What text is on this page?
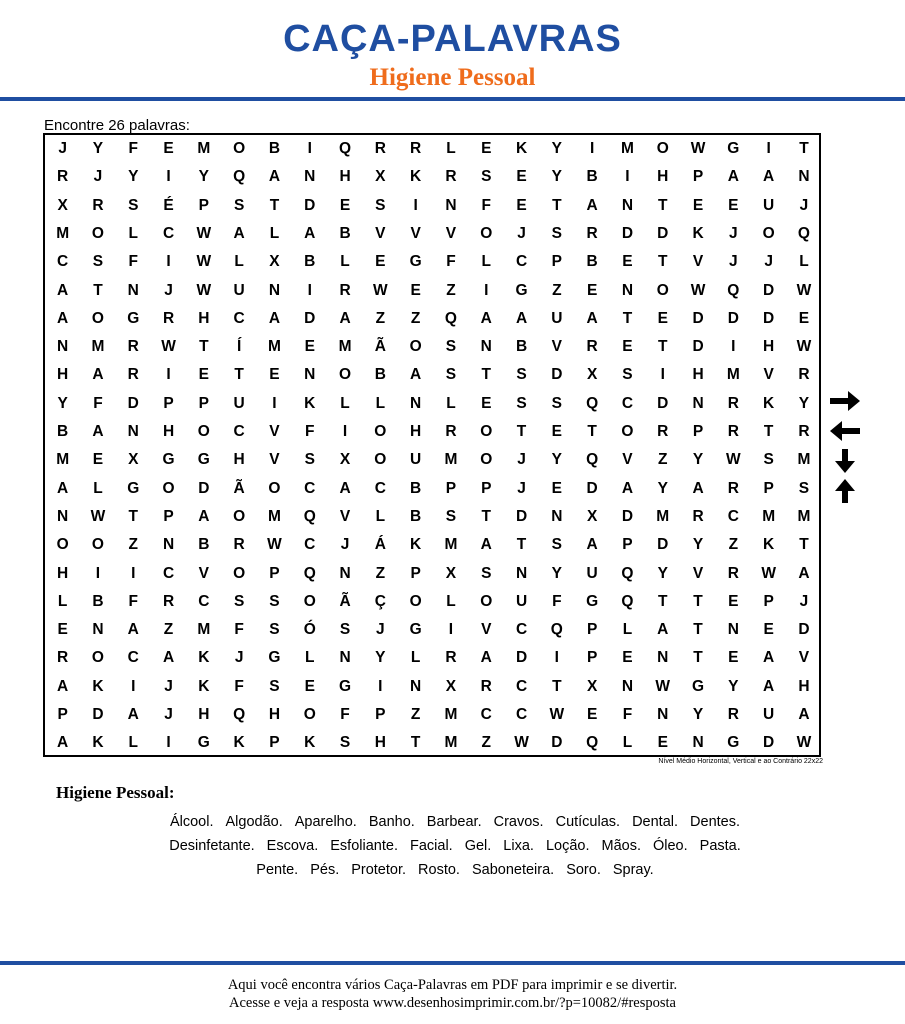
CAÇA-PALAVRAS
Higiene Pessoal
Encontre 26 palavras:
J	Y	F	E	M	O	B	I	Q	R	R	L	E	K	Y	I	M	O	W	G	I	T
R	J	Y	I	Y	Q	A	N	H	X	K	R	S	E	Y	B	I	H	P	A	A	N
X	R	S	É	P	S	T	D	E	S	I	N	F	E	T	A	N	T	E	E	U	J
M	O	L	C	W	A	L	A	B	V	V	V	O	J	S	R	D	D	K	J	O	Q
C	S	F	I	W	L	X	B	L	E	G	F	L	C	P	B	E	T	V	J	J	L
A	T	N	J	W	U	N	I	R	W	E	Z	I	G	Z	E	N	O	W	Q	D	W
A	O	G	R	H	C	A	D	A	Z	Z	Q	A	A	U	A	T	E	D	D	D	E
N	M	R	W	T	Í	M	E	M	Ã	O	S	N	B	V	R	E	T	D	I	H	W
H	A	R	I	E	T	E	N	O	B	A	S	T	S	D	X	S	I	H	M	V	R
Y	F	D	P	P	U	I	K	L	L	N	L	E	S	S	Q	C	D	N	R	K	Y
B	A	N	H	O	C	V	F	I	O	H	R	O	T	E	T	O	R	P	R	T	R
M	E	X	G	G	H	V	S	X	O	U	M	O	J	Y	Q	V	Z	Y	W	S	M
A	L	G	O	D	Ã	O	C	A	C	B	P	P	J	E	D	A	Y	A	R	P	S
N	W	T	P	A	O	M	Q	V	L	B	S	T	D	N	X	D	M	R	C	M	M
O	O	Z	N	B	R	W	C	J	Á	K	M	A	T	S	A	P	D	Y	Z	K	T
H	I	I	C	V	O	P	Q	N	Z	P	X	S	N	Y	U	Q	Y	V	R	W	A
L	B	F	R	C	S	S	O	Ã	Ç	O	L	O	U	F	G	Q	T	T	E	P	J
E	N	A	Z	M	F	S	Ó	S	J	G	I	V	C	Q	P	L	A	T	N	E	D
R	O	C	A	K	J	G	L	N	Y	L	R	A	D	I	P	E	N	T	E	A	V
A	K	I	J	K	F	S	E	G	I	N	X	R	C	T	X	N	W	G	Y	A	H
P	D	A	J	H	Q	H	O	F	P	Z	M	C	C	W	E	F	N	Y	R	U	A
A	K	L	I	G	K	P	K	S	H	T	M	Z	W	D	Q	L	E	N	G	D	W
Nível Médio Horizontal, Vertical e ao Contrário 22x22
Higiene Pessoal:
Álcool. Algodão. Aparelho. Banho. Barbear. Cravos. Cutículas. Dental. Dentes.
Desinfetante. Escova. Esfoliante. Facial. Gel. Lixa. Loção. Mãos. Óleo. Pasta.
Pente. Pés. Protetor. Rosto. Saboneteira. Soro. Spray.
Aqui você encontra vários Caça-Palavras em PDF para imprimir e se divertir.
Acesse e veja a resposta www.desenhosimprimir.com.br/?p=10082/#resposta
